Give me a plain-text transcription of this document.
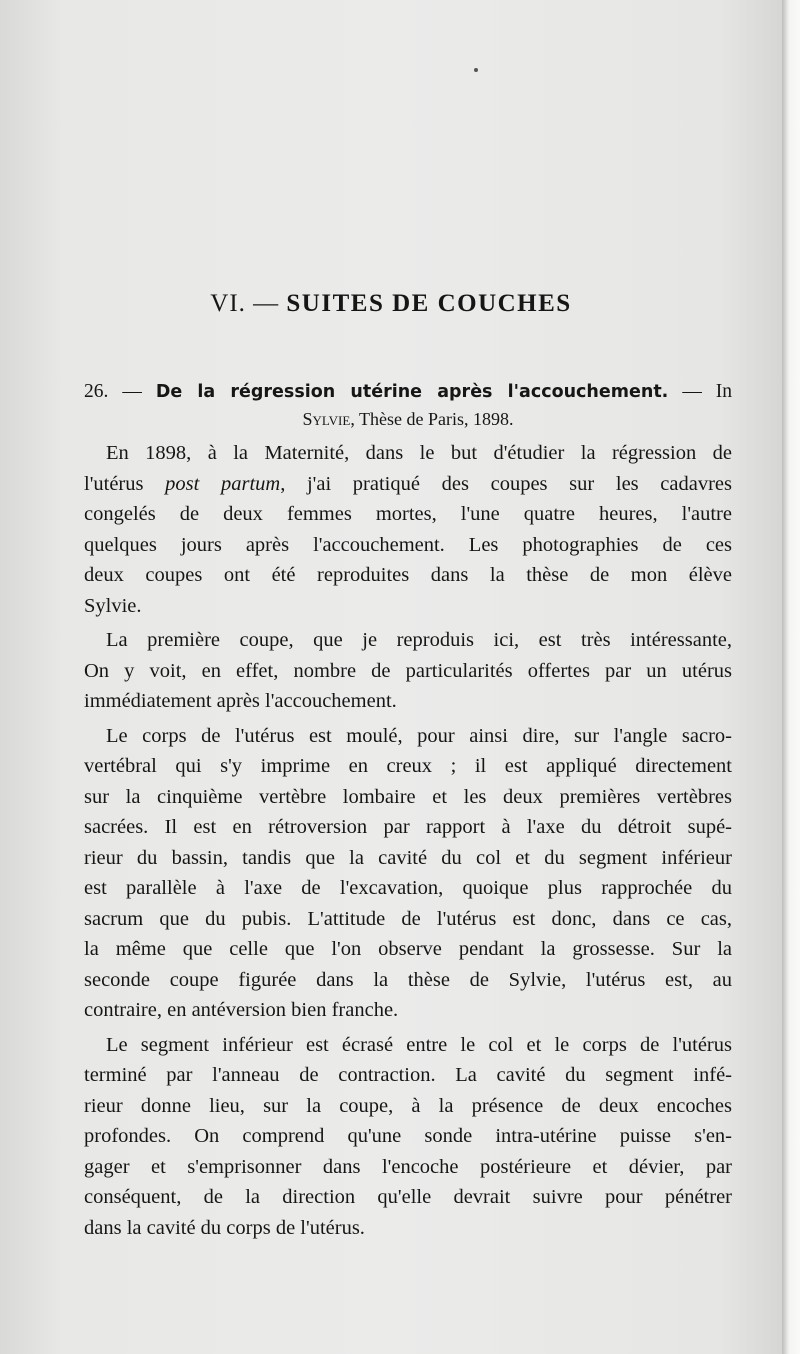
VI. — SUITES DE COUCHES
26. — De la régression utérine après l'accouchement. — In
Sylvie, Thèse de Paris, 1898.

En 1898, à la Maternité, dans le but d'étudier la régression de
l'utérus post partum, j'ai pratiqué des coupes sur les cadavres
congelés de deux femmes mortes, l'une quatre heures, l'autre
quelques jours après l'accouchement. Les photographies de ces
deux coupes ont été reproduites dans la thèse de mon élève
Sylvie.

La première coupe, que je reproduis ici, est très intéressante,
On y voit, en effet, nombre de particularités offertes par un utérus
immédiatement après l'accouchement.

Le corps de l'utérus est moulé, pour ainsi dire, sur l'angle sacro-
vertébral qui s'y imprime en creux ; il est appliqué directement
sur la cinquième vertèbre lombaire et les deux premières vertèbres
sacrées. Il est en rétroversion par rapport à l'axe du détroit supé-
rieur du bassin, tandis que la cavité du col et du segment inférieur
est parallèle à l'axe de l'excavation, quoique plus rapprochée du
sacrum que du pubis. L'attitude de l'utérus est donc, dans ce cas,
la même que celle que l'on observe pendant la grossesse. Sur la
seconde coupe figurée dans la thèse de Sylvie, l'utérus est, au
contraire, en antéversion bien franche.

Le segment inférieur est écrasé entre le col et le corps de l'utérus
terminé par l'anneau de contraction. La cavité du segment infé-
rieur donne lieu, sur la coupe, à la présence de deux encoches
profondes. On comprend qu'une sonde intra-utérine puisse s'en-
gager et s'emprisonner dans l'encoche postérieure et dévier, par
conséquent, de la direction qu'elle devrait suivre pour pénétrer
dans la cavité du corps de l'utérus.
